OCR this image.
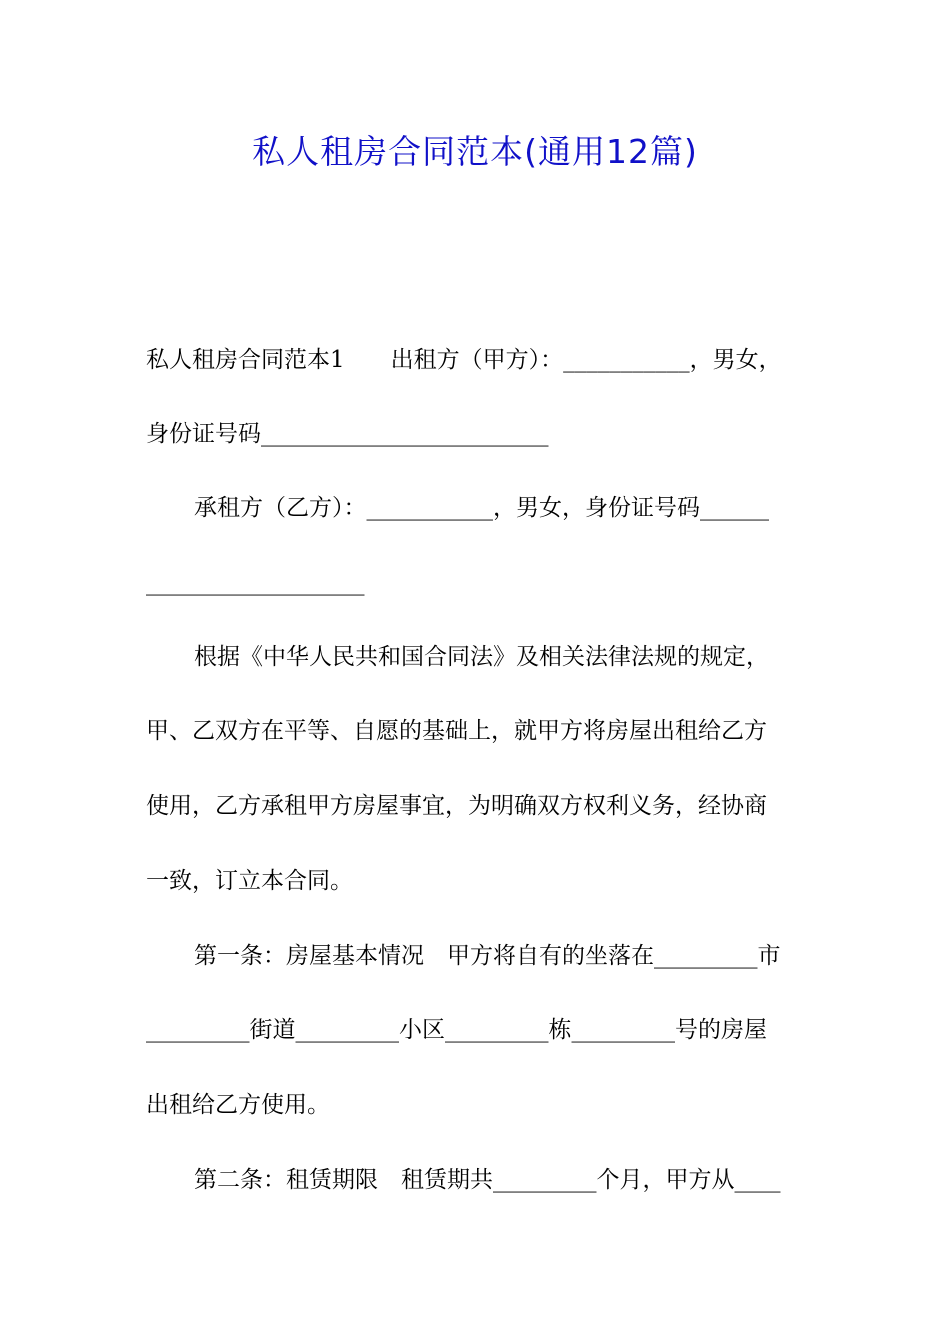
私人租房合同范本(通用12篇)
私人租房合同范本1　　出租方（甲方）：___________，男女，
身份证号码_________________________
承租方（乙方）：___________，男女，身份证号码______
___________________
根据《中华人民共和国合同法》及相关法律法规的规定，
甲、乙双方在平等、自愿的基础上，就甲方将房屋出租给乙方
使用，乙方承租甲方房屋事宜，为明确双方权利义务，经协商
一致，订立本合同。
第一条：房屋基本情况　甲方将自有的坐落在_________市
_________街道_________小区_________栋_________号的房屋
出租给乙方使用。
第二条：租赁期限　租赁期共_________个月，甲方从____
